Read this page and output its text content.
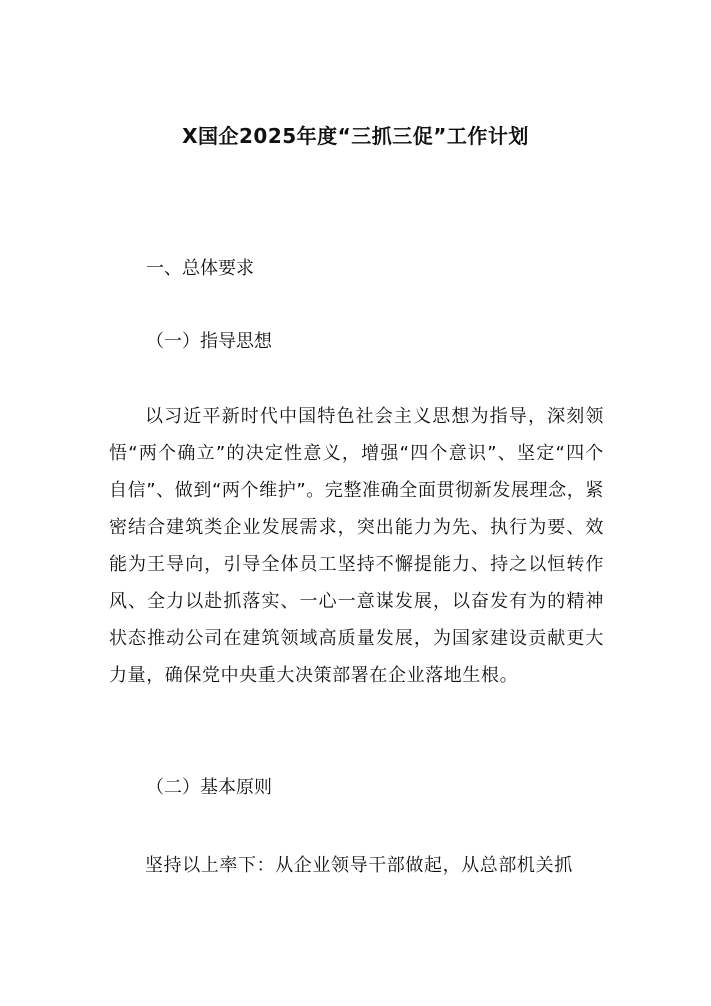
X国企2025年度“三抓三促”工作计划
一、总体要求
（一）指导思想
以习近平新时代中国特色社会主义思想为指导，深刻领悟“两个确立”的决定性意义，增强“四个意识”、坚定“四个自信”、做到“两个维护”。完整准确全面贯彻新发展理念，紧密结合建筑类企业发展需求，突出能力为先、执行为要、效能为王导向，引导全体员工坚持不懈提能力、持之以恒转作风、全力以赴抓落实、一心一意谋发展，以奋发有为的精神状态推动公司在建筑领域高质量发展，为国家建设贡献更大力量，确保党中央重大决策部署在企业落地生根。
（二）基本原则
坚持以上率下：从企业领导干部做起，从总部机关抓
